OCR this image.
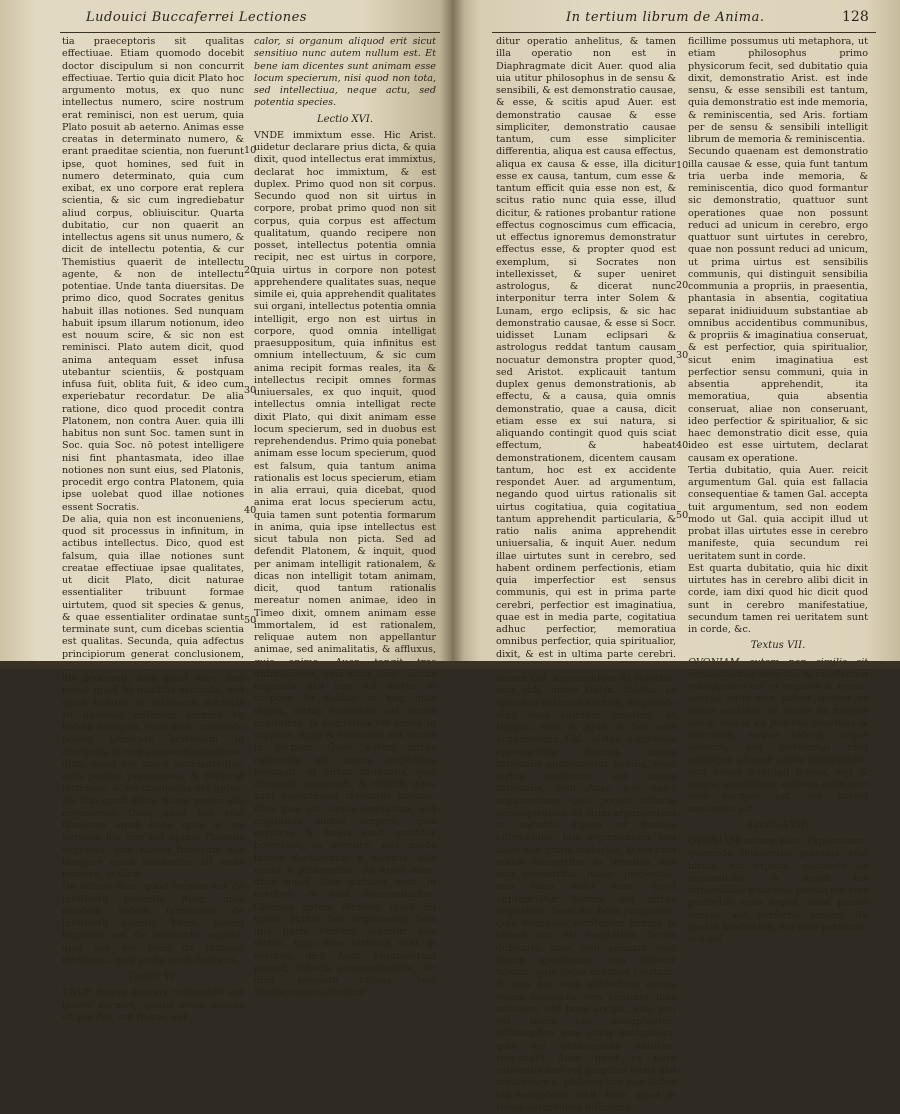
Ludouici Buccaferrei Lectiones

tia praeceptoris sit qualitas effectiuae. Etiam quomodo docebit doctor discipulum si non concurrit effectiuae. Tertio quia dicit Plato hoc argumento motus, ex quo nunc intellectus numero, scire nostrum erat reminisci, non est uerum, quia Plato posuit ab aeterno. Animas esse creatas in determinato numero, & erant praeditae scientia, non fuerunt ipse, quot homines, sed fuit in numero determinato, quia cum exibat, ex uno corpore erat replera scientia, & sic cum ingrediebatur aliud corpus, obliuiscitur. Quarta dubitatio, cur non quaerit an intellectus agens sit unus numero, & dicit de intellectu potentia, & cur Themistius quaerit de intellectu agente, & non de intellectu potentiae. Unde tanta diuersitas. De primo dico, quod Socrates genitus habuit illas notiones. Sed nunquam habuit ipsum illarum notionum, ideo est nouum scire, & sic non est reminisci. Plato autem dicit, quod anima antequam esset infusa utebantur scientiis, & postquam infusa fuit, oblita fuit, & ideo cum experiebatur recordatur. De alia ratione, dico quod procedit contra Platonem, non contra Auer. quia illi habitus non sunt Soc. tamen sunt in Soc. quia Soc. nō potest intelligere nisi fint phantasmata, ideo illae notiones non sunt eius, sed Platonis, procedit ergo contra Platonem, quia ipse uolebat quod illae notiones essent Socratis.

De alia, quia non est inconueniens, quod sit processus in infinitum, in actibus intellectus. Dico, quod est falsum, quia illae notiones sunt creatae effectiuae ipsae qualitates, ut dicit Plato, dicit naturae essentialiter tribuunt formae uirtutem, quod sit species & genus, & quae essentialiter ordinatae sunt terminate sunt, cum dicebas scientia est qualitas. Secunda, quia adfectus principiorum generat conclusionem, illo processu, dico quod Auer. non negat quod fit qualitas secunda, sed quod habitus in intellectu doctoris sit qualitas, differens numero ab habitu discipuli, cum dicit, quomodo posset generare scientiam in discipulo, si non conuenit effectiuae, dico, quod est quasi accidentaliter, quia profert praemissas, & declarat terminos, & sic discipulus est aptus. De alio quod Plato fuerit motus illo argumento. Dico, quod hoc erat famosum apud Auer. quia in rei ueritate illa non est opinio Platonis expressa, erat tamen famosum suo tempore quod intellectus sit unus numero, ut dicit.

De ultimo dico, quod locutus est de intellectu potentia Auer. quia nondum habuit fermonem de intellectu agente. Them. autem loquutus est de intellectu agente, quia per est ratio de utroque intellectu, quia ambo sunt abstracti.

Textus VI.

VNDE neque misceri rationabile est ipsum corpori, qualis enim aliquis utique fiet, aut frigus, aut

calor, si organum aliquod erit sicut sensitiuo nunc autem nullum est. Et bene iam dicentes sunt animam esse locum specierum, nisi quod non tota, sed intellectiua, neque actu, sed potentia species.

Lectio XVI.

VNDE immixtum esse. Hic Arist. uidetur declarare prius dicta, & quia dixit, quod intellectus erat immixtus, declarat hoc immixtum, & est duplex. Primo quod non sit corpus. Secundo quod non sit uirtus in corpore, probat primo quod non sit corpus, quia corpus est affectum qualitatum, quando recipere non posset, intellectus potentia omnia recipit, nec est uirtus in corpore, quia uirtus in corpore non potest apprehendere qualitates suas, neque simile ei, quia apprehendit qualitates sui organi, intellectus potentia omnia intelligit, ergo non est uirtus in corpore, quod omnia intelligat praesuppositum, quia infinitus est omnium intellectuum, & sic cum anima recipit formas reales, ita & intellectus recipit omnes formas uniuersales, ex quo inquit, quod intellectus omnia intelligat recte dixit Plato, qui dixit animam esse locum specierum, sed in duobus est reprehendendus. Primo quia ponebat animam esse locum specierum, quod est falsum, quia tantum anima rationalis est locus specierum, etiam in alia erraui, quia dicebat, quod anima erat locus specierum actu, quia tamen sunt potentia formarum in anima, quia ipse intellectus est sicut tabula non picta. Sed ad defendit Platonem, & inquit, quod per animam intelligit rationalem, & dicas non intelligit totam animam, dicit, quod tantum rationalis mereatur nomen animae, ideo in Timeo dixit, omnem animam esse immortalem, id est rationalem, reliquae autem non appellantur animae, sed animalitatis, & affluxus, dubitationes, quia dixit Arist. uirtus organica nisi non est uirtus in corpore. Et dubitat in hoc, quia inquit, uirtus rationalis est uirtus cogitatiua, & cogitatiua est uirtus in corpore, ergo & rationalis est uirtus in corpore. Quod autem uirtus rationalis sit uirtus cogitatiua relinquit, ut uirtus rationalis, ipsa discurrit, componit, & diuidit, quae sunt operationes rationalis animae, ideo ipsa est uirtus cogitatiua, sed cogitatiua uirtus corpore, quia cerebro, & huius sunt quattuor potentiae, in cerebro, alio modo tamen declarantur a medicis, alio modo a philosophis, ita apud Auer. dixit quod illae uirtutes sunt in cerebro, & sunt concomitanter. Galenus antem dicebat, quod ibi erant. Primo hoc argumento, lasa una parte cerebri, laeditur una uirtus, ergo illae uirtutes sunt in cerebro, dicit Auer. argumentum peccat, fallacia concomitantiae, sic dixit secundo collige, laso Diaphragmate laeditur

10
20
30
40
50
In tertium librum de Anima.	128

ditur operatio anhelitus, & tamen illa operatio non est in Diaphragmate dicit Auer. quod alia uia utitur philosophus in de sensu & sensibili, & est demonstratio causae, & esse, & scitis apud Auer. est demonstratio causae & esse simpliciter, demonstratio causae tantum, cum esse simpliciter differentia, aliqua est causa effectus, aliqua ex causa & esse, illa dicitur esse ex causa, tantum, cum esse & tantum efficit quia esse non est, & scitus ratio nunc quia esse, illud dicitur, & rationes probantur ratione effectus cognoscimus cum efficacia, ut effectus ignoremus demonstratur effectus esse, & propter quod est exemplum, si Socrates non intellexisset, & super ueniret astrologus, & dicerat nunc interponitur terra inter Solem & Lunam, ergo eclipsis, & sic hac demonstratio causae, & esse si Socr. uidisset Lunam eclipsari & astrologus reddat tantum causam nocuatur demonstra propter quod, sed Aristot. explicauit tantum duplex genus demonstrationis, ab effectu, & a causa, quia omnis demonstratio, quae a causa, dicit etiam esse ex sui natura, si aliquando contingit quod quis sciat effectum, & habeat demonstrationem, dicentem causam tantum, hoc est ex accidente respondet Auer. ad argumentum, negando quod uirtus rationalis sit uirtus cogitatiua, quia cogitatiua tantum apprehendit particularia, & ratio nalis anima apprehendit uniuersalia, & inquit Auer. nedum illae uirtutes sunt in cerebro, sed habent ordinem perfectionis, etiam quia imperfectior est sensus communis, qui est in prima parte cerebri, perfectior est imaginatiua, quae est in media parte, cogitatiua adhuc perfectior, memoratiua omnibus perfectior, quia spiritualior, dixit, & est in ultima parte cerebri. tamen Gal. argumentum de refectio, non uidi, immo Galen. fatetur se ignorare naturam animae, aliquando dixit esse calorem innatum, ut Hippoc. dixit 6. Epid. & hoc erat argumentum Gal. uirtus cogitatiua appropriatur homini, uirtus rationalis appropriatur homini, ergo uirtus cogitatiua est uirtus rationalis, dicit Auer. non ualet argumentum, quia peccat fallacia consequentiae, ut enim argumentum in secunda figura ex duabus affirmatiuis, tale argumentum non ualet nisi gratia materiae, & est cum maior conuertitur in terminis, aut non conuertitur maior propositio, non enim ualet esse, quod appropriatur homini, est uirtus cogitatiua, haec est falsa propositio, quia rationalis attribuitur homini & tamen non est cogitatiua. Tertia dubitatio, quia dicit animam esse locum specierum, non uidetur falsum, quia locus continet locatum, & non est eius subiectum anima etiam rationalis non continet illas notiones, sed bene accipit, ideo non est locus nisi metaphorice, philosophus non utitur metaphora, quia est philosophus naturae, respondet Auer. quod re uera rationalis non est proprius locus nisi metaphorice, philosophus non debet uti metaphora dicit Auer. quod in rebus naturalibus difficilius

ficillime possumus uti metaphora, ut etiam philosophus primo physicorum fecit, sed dubitatio quia dixit, demonstratio Arist. est inde sensu, & esse sensibili est tantum, quia demonstratio est inde memoria, & reminiscentia, sed Aris. fortiam per de sensu & sensibili intelligit librum de memoria & reminiscentia.

Secundo quaenam est demonstratio illa causae & esse, quia funt tantum tria uerba inde memoria, & reminiscentia, dico quod formantur sic demonstratio, quattuor sunt operationes quae non possunt reduci ad unicum in cerebro, ergo quattuor sunt uirtutes in cerebro, quae non possunt reduci ad unicum, ut prima uirtus est sensibilis communis, qui distinguit sensibilia communia a propriis, in praesentia, phantasia in absentia, cogitatiua separat inidiuiduum substantiae ab omnibus accidentibus communibus, & propriis & imaginatiua conseruat, & est perfectior, quia spiritualior, sicut enim imaginatiua est perfectior sensu communi, quia in absentia apprehendit, ita memoratiua, quia absentia conseruat, aliae non conseruant, ideo perfectior & spiritualior, & sic haec demonstratio dicit esse, quia ideo est esse uirtutem, declarat causam ex operatione.

Tertia dubitatio, quia Auer. reicit argumentum Gal. quia est fallacia consequentiae & tamen Gal. accepta tuit argumentum, sed non eodem modo ut Gal. quia accipit illud ut probat illas uirtutes esse in cerebro manifeste, quia secundum rei ueritatem sunt in corde.

Est quarta dubitatio, quia hic dixit uirtutes has in cerebro alibi dicit in corde, iam dixi quod hic dicit quod sunt in cerebro manifestatiue, secundum tamen rei ueritatem sunt in corde, &c.

Textus VII.

impassibilitas sensitiui & intellectiui manifestum est ex organis & sensu, sensus enim non potest sentire ex ualde sensibili, ut sonus ex magnis sonis, neque ex fortibus odoribus & coloribus, neque uidere, neque odorare, sed intellectus cum intelligat aliquid ualde intelligibile, non minus intelligit infima, sed & magis, sensitiuum quidem enim non sine corpore est, hic autem separatus est.

Lectio XVII.

QVONIAM autem non. Exposuimus, quomodo intellectus potentia erat uirtus, hic exponit, quomodo sit impassibilis, & inquit est impassibilis quia eius passio est eius perfectio, quia inquit, sicut passio sensus, est perfectio sensus, ita passio intellectus, est eius perfectio, sed est

10
20
30
40
50
